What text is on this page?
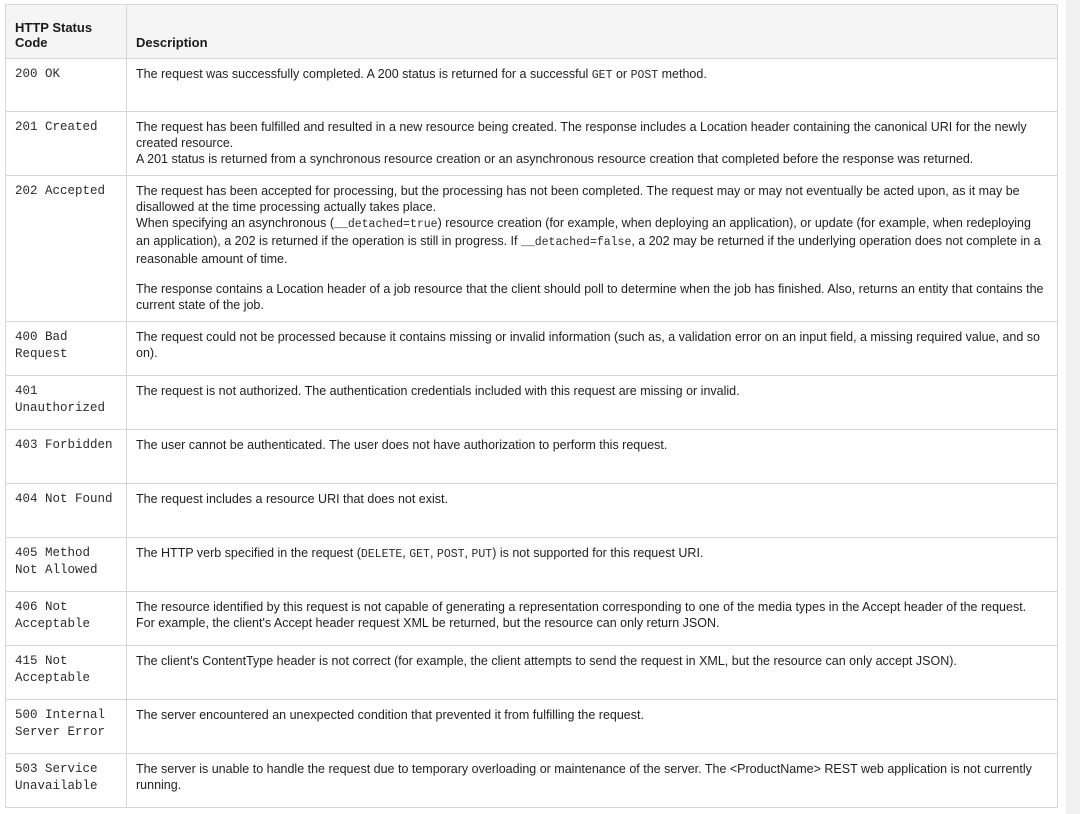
HTTP Status Code	Description
200 OK	The request was successfully completed. A 200 status is returned for a successful GET or POST method.
201 Created	The request has been fulfilled and resulted in a new resource being created. The response includes a Location header containing the canonical URI for the newly created resource.

A 201 status is returned from a synchronous resource creation or an asynchronous resource creation that completed before the response was returned.

202 Accepted	The request has been accepted for processing, but the processing has not been completed. The request may or may not eventually be acted upon, as it may be disallowed at the time processing actually takes place.

When specifying an asynchronous (__detached=true) resource creation (for example, when deploying an application), or update (for example, when redeploying an application), a 202 is returned if the operation is still in progress. If __detached=false, a 202 may be returned if the underlying operation does not complete in a reasonable amount of time.

The response contains a Location header of a job resource that the client should poll to determine when the job has finished. Also, returns an entity that contains the current state of the job.

400 Bad Request	The request could not be processed because it contains missing or invalid information (such as, a validation error on an input field, a missing required value, and so on).
401 Unauthorized	The request is not authorized. The authentication credentials included with this request are missing or invalid.
403 Forbidden	The user cannot be authenticated. The user does not have authorization to perform this request.
404 Not Found	The request includes a resource URI that does not exist.
405 Method Not Allowed	The HTTP verb specified in the request (DELETE, GET, POST, PUT) is not supported for this request URI.
406 Not Acceptable	The resource identified by this request is not capable of generating a representation corresponding to one of the media types in the Accept header of the request. For example, the client's Accept header request XML be returned, but the resource can only return JSON.
415 Not Acceptable	The client's ContentType header is not correct (for example, the client attempts to send the request in XML, but the resource can only accept JSON).
500 Internal Server Error	The server encountered an unexpected condition that prevented it from fulfilling the request.
503 Service Unavailable	The server is unable to handle the request due to temporary overloading or maintenance of the server. The <ProductName> REST web application is not currently running.
